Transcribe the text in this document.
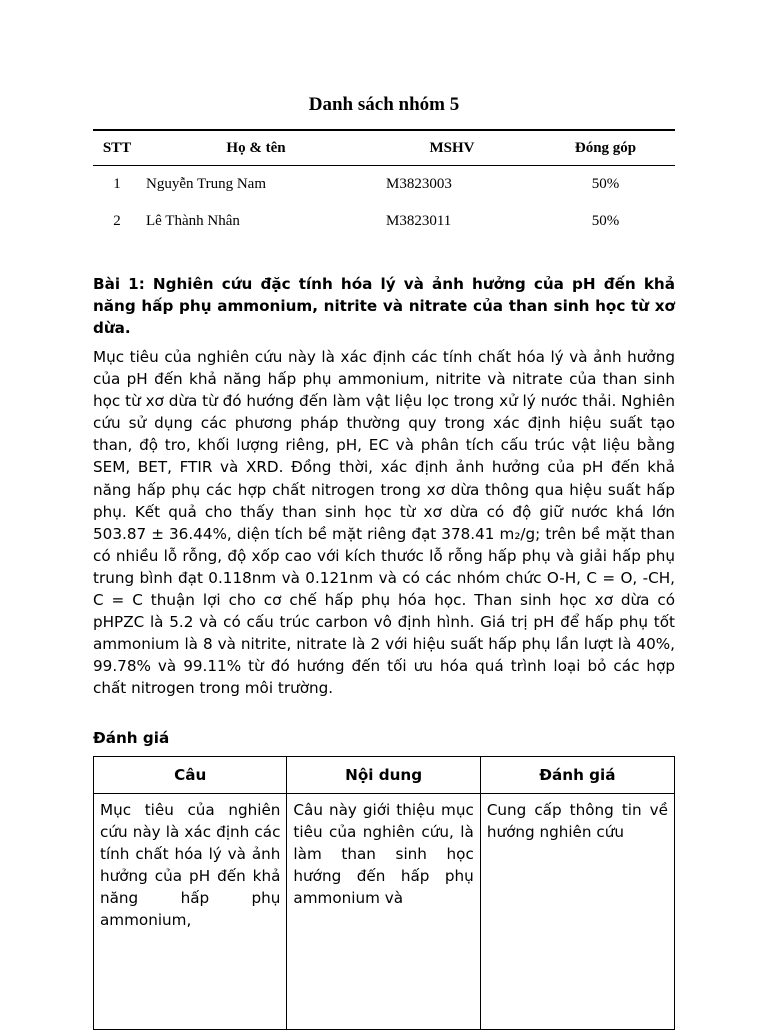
Danh sách nhóm 5
STT	Họ & tên	MSHV	Đóng góp
1	Nguyễn Trung Nam	M3823003	50%
2	Lê Thành Nhân	M3823011	50%
Bài 1: Nghiên cứu đặc tính hóa lý và ảnh hưởng của pH đến khả năng hấp phụ ammonium, nitrite và nitrate của than sinh học từ xơ dừa.
Mục tiêu của nghiên cứu này là xác định các tính chất hóa lý và ảnh hưởng của pH đến khả năng hấp phụ ammonium, nitrite và nitrate của than sinh học từ xơ dừa từ đó hướng đến làm vật liệu lọc trong xử lý nước thải. Nghiên cứu sử dụng các phương pháp thường quy trong xác định hiệu suất tạo than, độ tro, khối lượng riêng, pH, EC và phân tích cấu trúc vật liệu bằng SEM, BET, FTIR và XRD. Đồng thời, xác định ảnh hưởng của pH đến khả năng hấp phụ các hợp chất nitrogen trong xơ dừa thông qua hiệu suất hấp phụ. Kết quả cho thấy than sinh học từ xơ dừa có độ giữ nước khá lớn 503.87 ± 36.44%, diện tích bề mặt riêng đạt 378.41 m₂/g; trên bề mặt than có nhiều lỗ rỗng, độ xốp cao với kích thước lỗ rỗng hấp phụ và giải hấp phụ trung bình đạt 0.118nm và 0.121nm và có các nhóm chức O-H, C = O, -CH, C = C thuận lợi cho cơ chế hấp phụ hóa học. Than sinh học xơ dừa có pHPZC là 5.2 và có cấu trúc carbon vô định hình. Giá trị pH để hấp phụ tốt ammonium là 8 và nitrite, nitrate là 2 với hiệu suất hấp phụ lần lượt là 40%, 99.78% và 99.11% từ đó hướng đến tối ưu hóa quá trình loại bỏ các hợp chất nitrogen trong môi trường.
Đánh giá
Câu	Nội dung	Đánh giá
Mục tiêu của nghiên cứu này là xác định các tính chất hóa lý và ảnh hưởng của pH đến khả năng hấp phụ ammonium,	Câu này giới thiệu mục tiêu của nghiên cứu, là làm than sinh học hướng đến hấp phụ ammonium và	Cung cấp thông tin về hướng nghiên cứu
